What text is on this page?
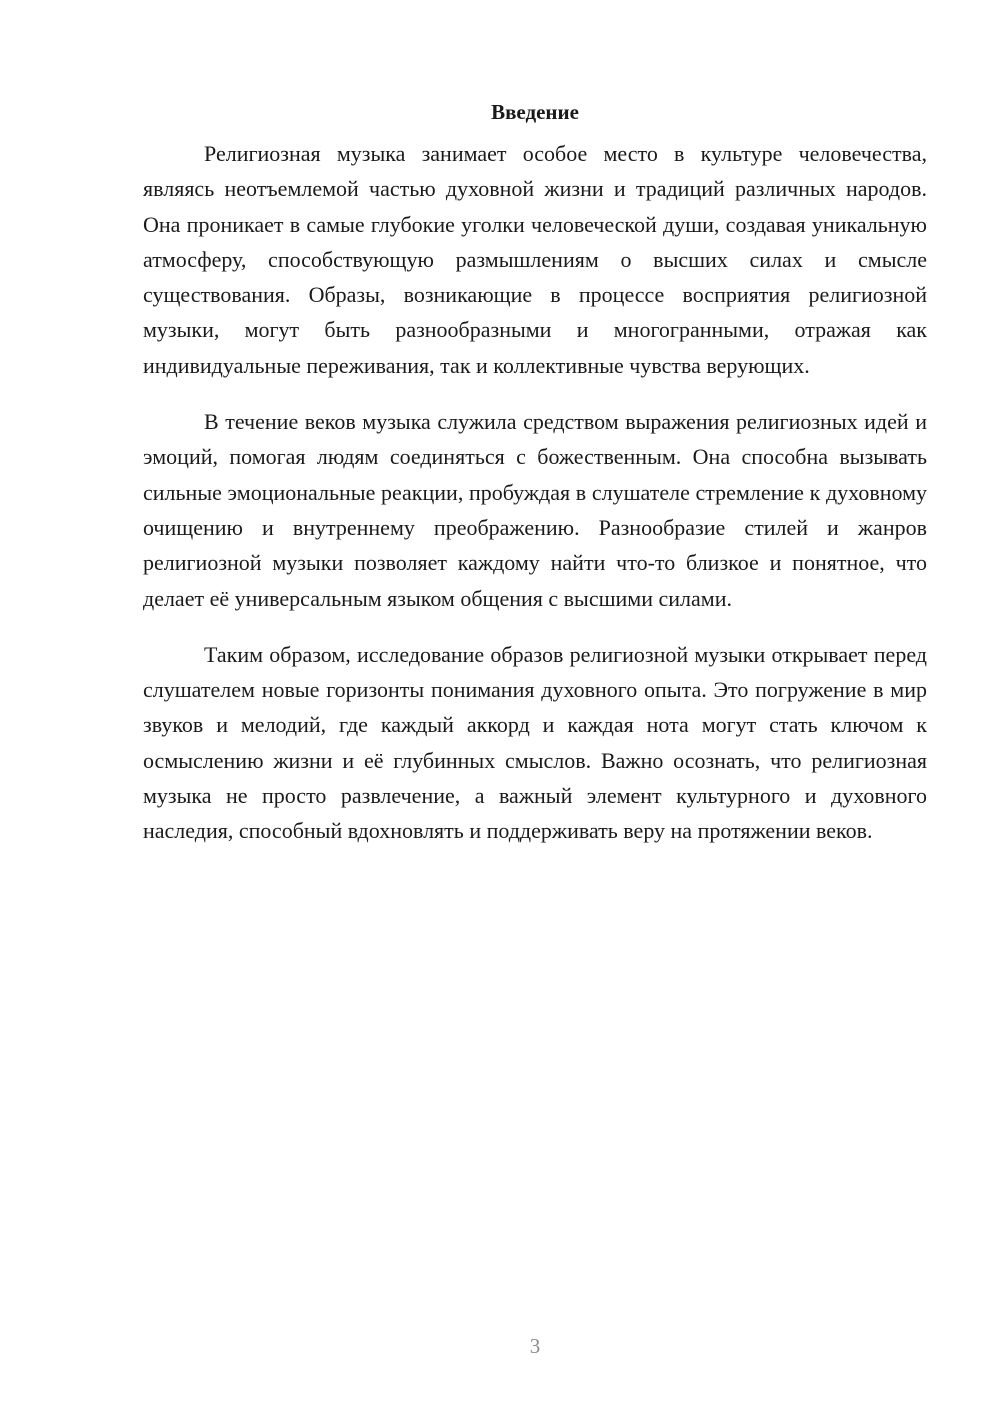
Введение

Религиозная музыка занимает особое место в культуре человечества, являясь неотъемлемой частью духовной жизни и традиций различных народов. Она проникает в самые глубокие уголки человеческой души, создавая уникальную атмосферу, способствующую размышлениям о высших силах и смысле существования. Образы, возникающие в процессе восприятия религиозной музыки, могут быть разнообразными и многогранными, отражая как индивидуальные переживания, так и коллективные чувства верующих.

В течение веков музыка служила средством выражения религиозных идей и эмоций, помогая людям соединяться с божественным. Она способна вызывать сильные эмоциональные реакции, пробуждая в слушателе стремление к духовному очищению и внутреннему преображению. Разнообразие стилей и жанров религиозной музыки позволяет каждому найти что-то близкое и понятное, что делает её универсальным языком общения с высшими силами.

Таким образом, исследование образов религиозной музыки открывает перед слушателем новые горизонты понимания духовного опыта. Это погружение в мир звуков и мелодий, где каждый аккорд и каждая нота могут стать ключом к осмыслению жизни и её глубинных смыслов. Важно осознать, что религиозная музыка не просто развлечение, а важный элемент культурного и духовного наследия, способный вдохновлять и поддерживать веру на протяжении веков.

3
